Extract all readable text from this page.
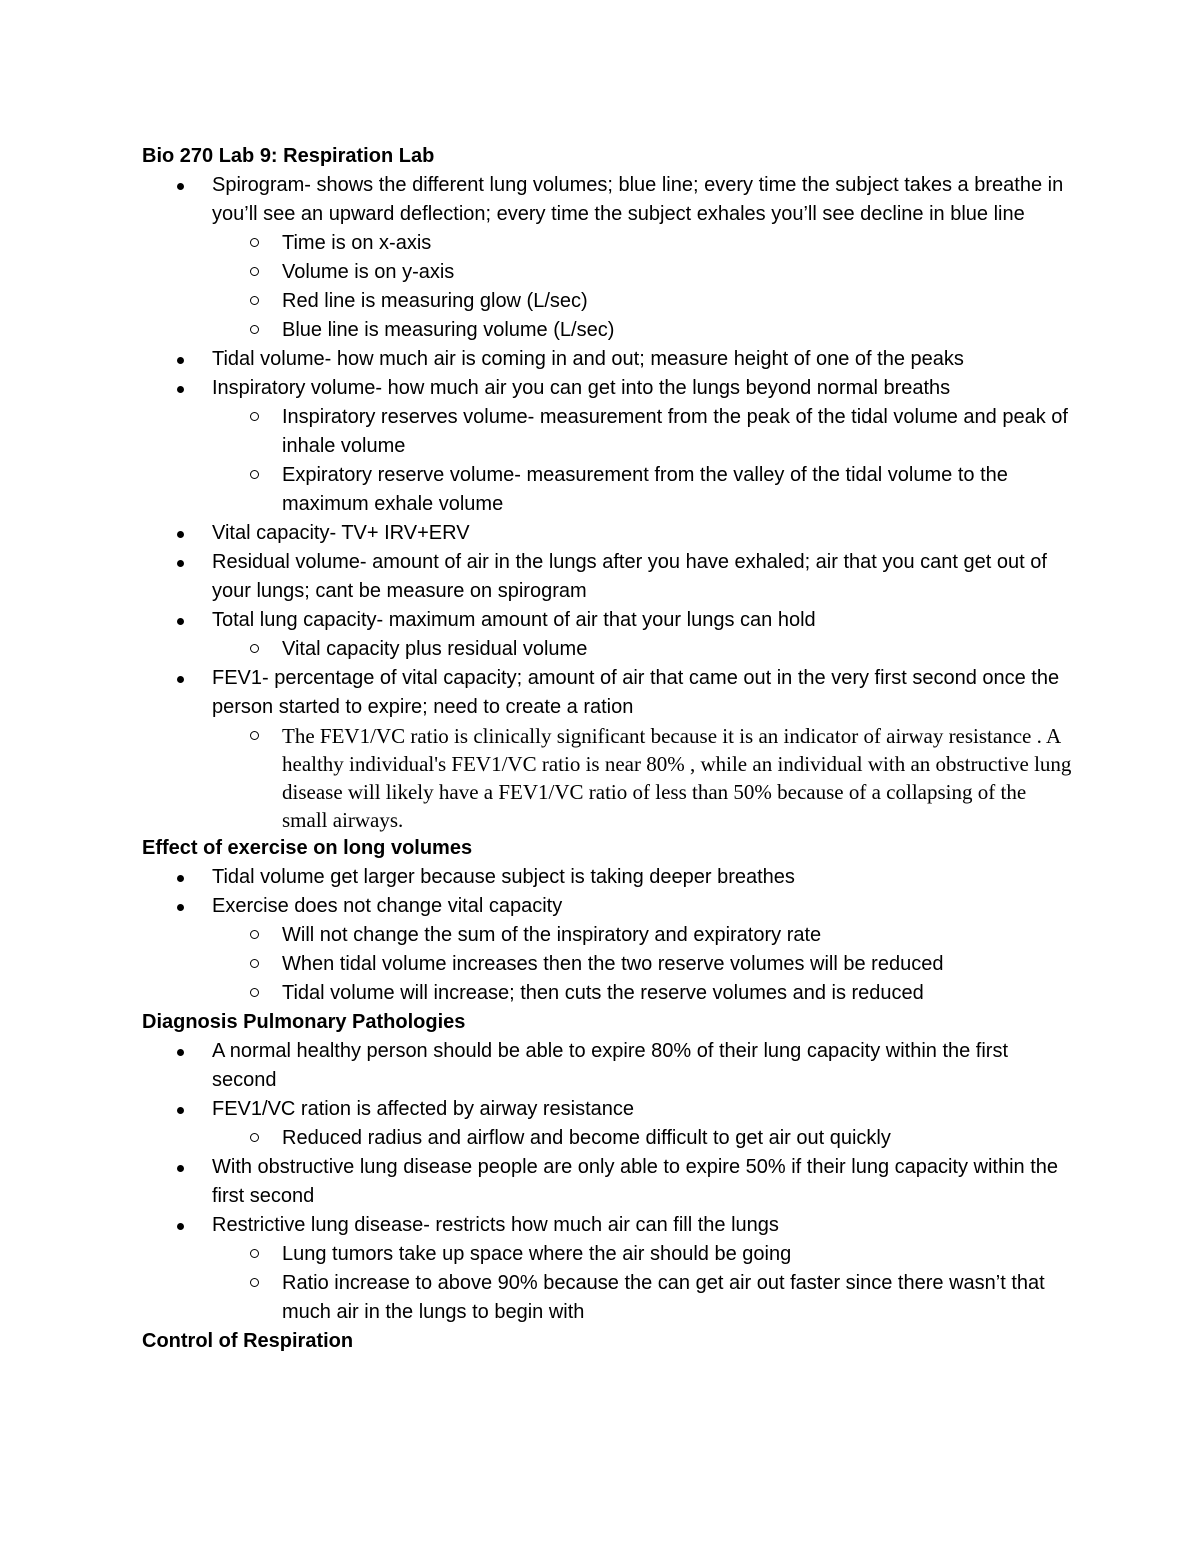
Bio 270 Lab 9: Respiration Lab
Spirogram- shows the different lung volumes; blue line; every time the subject takes a breathe in you’ll see an upward deflection; every time the subject exhales you’ll see decline in blue line
Time is on x-axis
Volume is on y-axis
Red line is measuring glow (L/sec)
Blue line is measuring volume (L/sec)
Tidal volume- how much air is coming in and out; measure height of one of the peaks
Inspiratory volume- how much air you can get into the lungs beyond normal breaths
Inspiratory reserves volume- measurement from the peak of the tidal volume and peak of inhale volume
Expiratory reserve volume- measurement from the valley of the tidal volume to the maximum exhale volume
Vital capacity- TV+ IRV+ERV
Residual volume- amount of air in the lungs after you have exhaled; air that you cant get out of your lungs; cant be measure on spirogram
Total lung capacity- maximum amount of air that your lungs can hold
Vital capacity plus residual volume
FEV1- percentage of vital capacity; amount of air that came out in the very first second once the person started to expire; need to create a ration
The FEV1/VC ratio is clinically significant because it is an indicator of airway resistance . A healthy individual's FEV1/VC ratio is near 80% , while an individual with an obstructive lung disease will likely have a FEV1/VC ratio of less than 50% because of a collapsing of the small airways.
Effect of exercise on long volumes
Tidal volume get larger because subject is taking deeper breathes
Exercise does not change vital capacity
Will not change the sum of the inspiratory and expiratory rate
When tidal volume increases then the two reserve volumes will be reduced
Tidal volume will increase; then cuts the reserve volumes and is reduced
Diagnosis Pulmonary Pathologies
A normal healthy person should be able to expire 80% of their lung capacity within the first second
FEV1/VC ration is affected by airway resistance
Reduced radius and airflow and become difficult to get air out quickly
With obstructive lung disease people are only able to expire 50% if their lung capacity within the first second
Restrictive lung disease- restricts how much air can fill the lungs
Lung tumors take up space where the air should be going
Ratio increase to above 90% because the can get air out faster since there wasn’t that much air in the lungs to begin with
Control of Respiration
